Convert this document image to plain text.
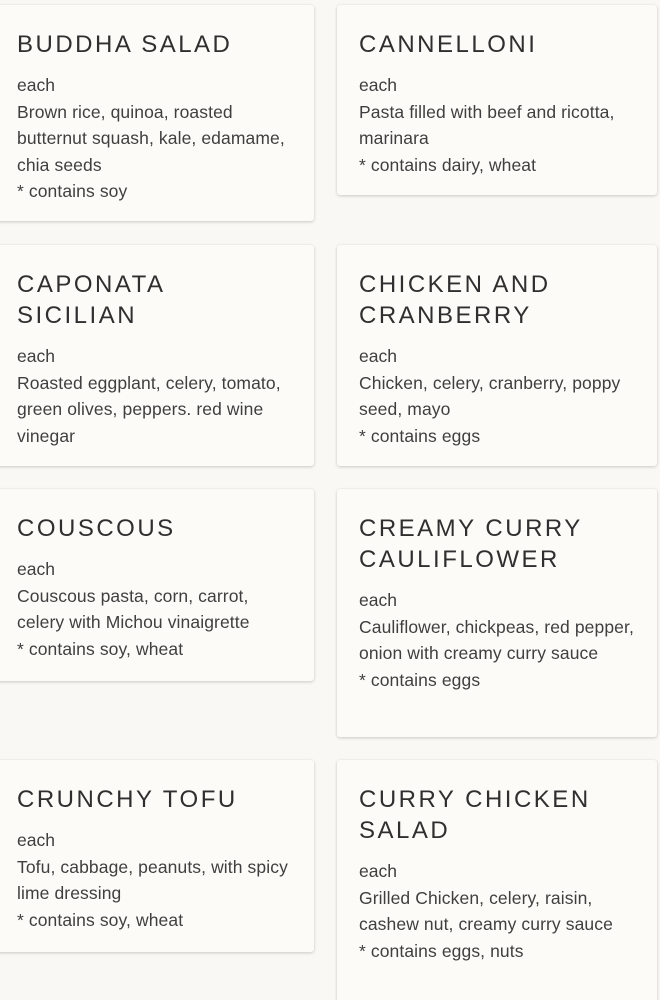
BUDDHA SALAD
each
Brown rice, quinoa, roasted butternut squash, kale, edamame, chia seeds
* contains soy
CANNELLONI
each
Pasta filled with beef and ricotta, marinara
* contains dairy, wheat
CAPONATA SICILIAN
each
Roasted eggplant, celery, tomato, green olives, peppers. red wine vinegar
CHICKEN AND CRANBERRY
each
Chicken, celery, cranberry, poppy seed, mayo
* contains eggs
COUSCOUS
each
Couscous pasta, corn, carrot, celery with Michou vinaigrette
* contains soy, wheat
CREAMY CURRY CAULIFLOWER
each
Cauliflower, chickpeas, red pepper, onion with creamy curry sauce
* contains eggs
CRUNCHY TOFU
each
Tofu, cabbage, peanuts, with spicy lime dressing
* contains soy, wheat
CURRY CHICKEN SALAD
each
Grilled Chicken, celery, raisin, cashew nut, creamy curry sauce
* contains eggs, nuts
